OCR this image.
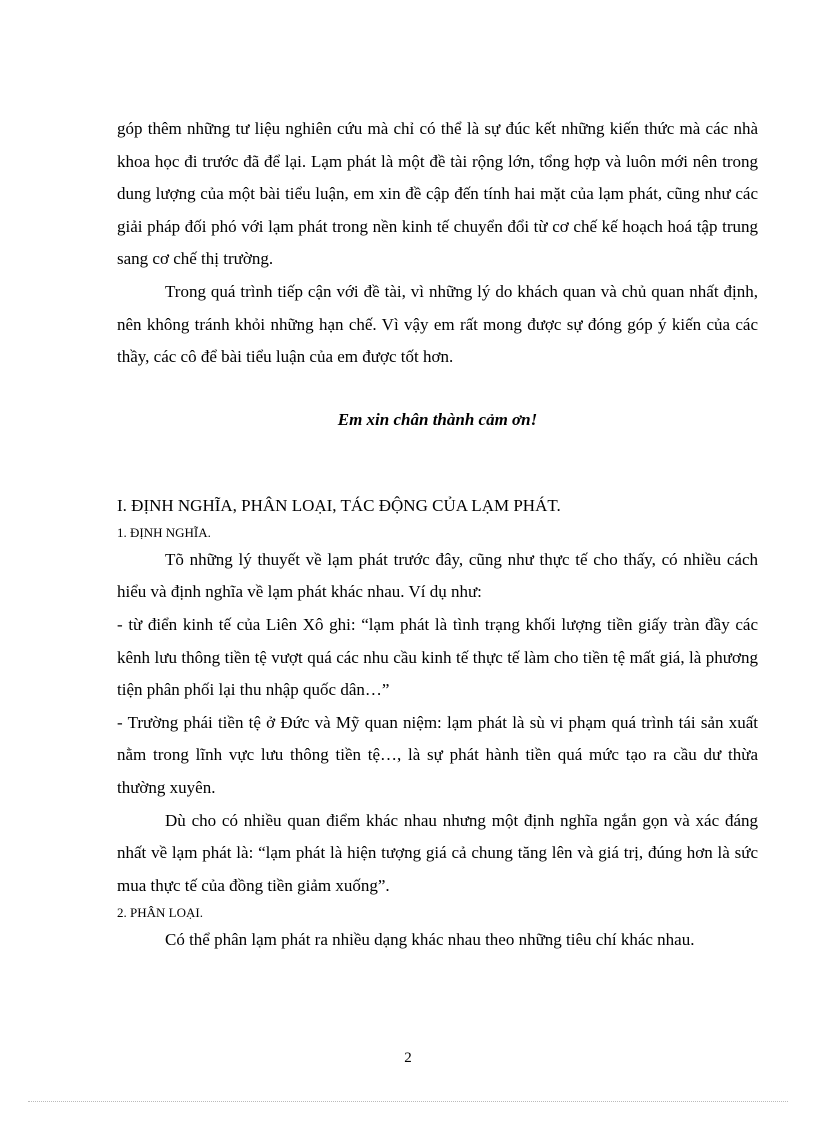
góp thêm những tư liệu nghiên cứu mà chỉ có thể là sự đúc kết những kiến thức mà các nhà khoa học đi trước đã để lại. Lạm phát là một đề tài rộng lớn, tổng hợp và luôn mới nên trong dung lượng của một bài tiểu luận, em xin đề cập đến tính hai mặt của lạm phát, cũng như các giải pháp đối phó với lạm phát trong nền kinh tế chuyển đổi từ cơ chế kế hoạch hoá tập trung sang cơ chế thị trường.

Trong quá trình tiếp cận với đề tài, vì những lý do khách quan và chủ quan nhất định, nên không tránh khỏi những hạn chế. Vì vậy em rất mong được sự đóng góp ý kiến của các thầy, các cô để bài tiểu luận của em được tốt hơn.

Em xin chân thành cảm ơn!

I. ĐỊNH NGHĨA, PHÂN LOẠI, TÁC ĐỘNG CỦA LẠM PHÁT.

1. ĐỊNH NGHĨA.

Tõ những lý thuyết về lạm phát trước đây, cũng như thực tế cho thấy, có nhiều cách hiểu và định nghĩa về lạm phát khác nhau. Ví dụ như:

- từ điển kinh tế của Liên Xô ghi: “lạm phát là tình trạng khối lượng tiền giấy tràn đầy các kênh lưu thông tiền tệ vượt quá các nhu cầu kinh tế thực tế làm cho tiền tệ mất giá, là phương tiện phân phối lại thu nhập quốc dân…”

- Trường phái tiền tệ ở Đức và Mỹ quan niệm: lạm phát là sù vi phạm quá trình tái sản xuất nằm trong lĩnh vực lưu thông tiền tệ…, là sự phát hành tiền quá mức tạo ra cầu dư thừa thường xuyên.

Dù cho có nhiều quan điểm khác nhau nhưng một định nghĩa ngắn gọn và xác đáng nhất về lạm phát là: “lạm phát là hiện tượng giá cả chung tăng lên và giá trị, đúng hơn là sức mua thực tế của đồng tiền giảm xuống”.

2. PHÂN LOẠI.

Có thể phân lạm phát ra nhiều dạng khác nhau theo những tiêu chí khác nhau.

2
